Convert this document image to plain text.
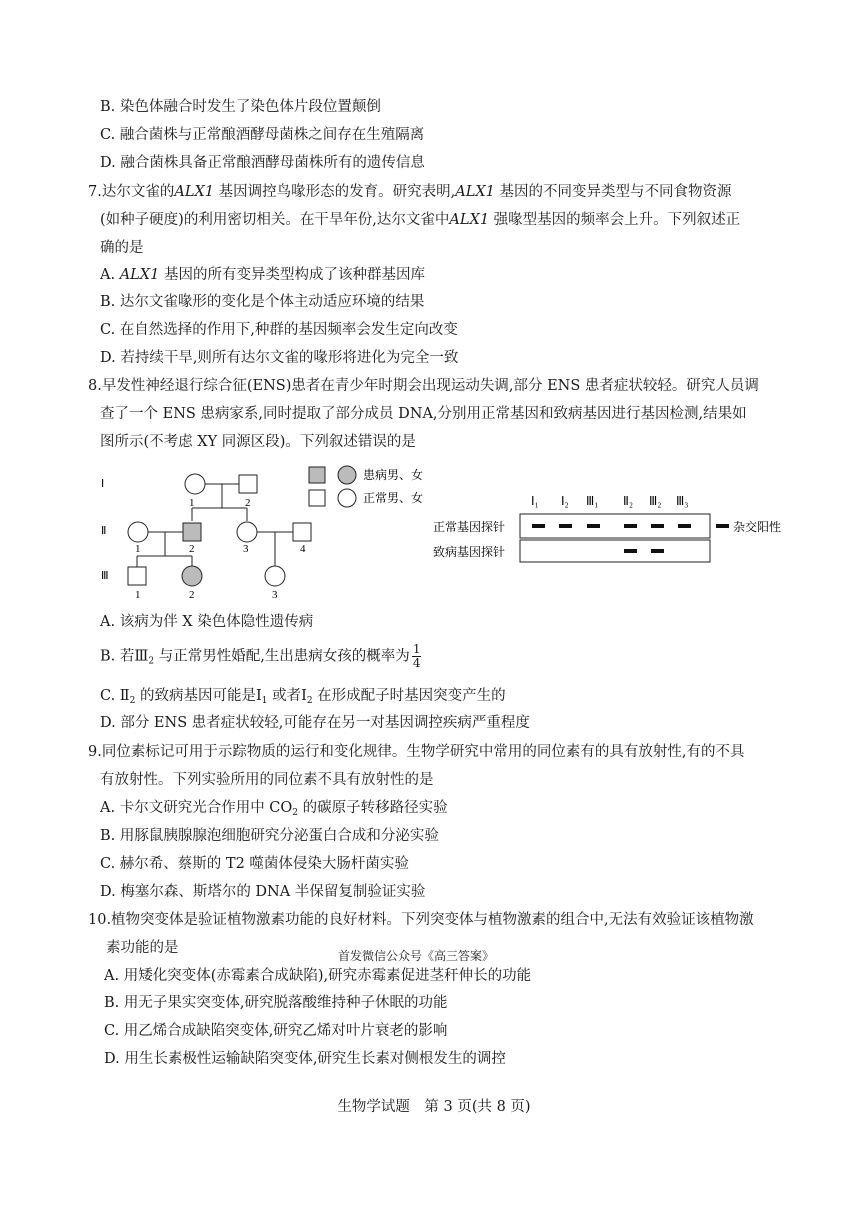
B. 染色体融合时发生了染色体片段位置颠倒
C. 融合菌株与正常酿酒酵母菌株之间存在生殖隔离
D. 融合菌株具备正常酿酒酵母菌株所有的遗传信息
7.达尔文雀的ALX1 基因调控鸟喙形态的发育。研究表明,ALX1 基因的不同变异类型与不同食物资源
(如种子硬度)的利用密切相关。在干旱年份,达尔文雀中ALX1 强喙型基因的频率会上升。下列叙述正
确的是
A. ALX1 基因的所有变异类型构成了该种群基因库
B. 达尔文雀喙形的变化是个体主动适应环境的结果
C. 在自然选择的作用下,种群的基因频率会发生定向改变
D. 若持续干旱,则所有达尔文雀的喙形将进化为完全一致
8.早发性神经退行综合征(ENS)患者在青少年时期会出现运动失调,部分 ENS 患者症状较轻。研究人员调
查了一个 ENS 患病家系,同时提取了部分成员 DNA,分别用正常基因和致病基因进行基因检测,结果如
图所示(不考虑 XY 同源区段)。下列叙述错误的是
Ⅰ
Ⅱ
Ⅲ
1	2
1	2	3	4
1	2	3
患病男、女
正常男、女	Ⅰ₁ Ⅰ₂ Ⅲ₁ Ⅱ₂ Ⅲ₂ Ⅲ₃
正常基因探针
致病基因探针
杂交阳性
A. 该病为伴 X 染色体隐性遗传病
B. 若$Ⅲ_2$ 与正常男性婚配,生出患病女孩的概率为 $\frac{1}{4}$
C. $Ⅱ_2$ 的致病基因可能是$Ⅰ_1$ 或者$Ⅰ_2$ 在形成配子时基因突变产生的
D. 部分 ENS 患者症状较轻,可能存在另一对基因调控疾病严重程度
9.同位素标记可用于示踪物质的运行和变化规律。生物学研究中常用的同位素有的具有放射性,有的不具
有放射性。下列实验所用的同位素不具有放射性的是
A. 卡尔文研究光合作用中 $CO_2$ 的碳原子转移路径实验
B. 用豚鼠胰腺腺泡细胞研究分泌蛋白合成和分泌实验
C. 赫尔希、蔡斯的 T2 噬菌体侵染大肠杆菌实验
D. 梅塞尔森、斯塔尔的 DNA 半保留复制验证实验
10.植物突变体是验证植物激素功能的良好材料。下列突变体与植物激素的组合中,无法有效验证该植物激
素功能的是	首发微信公众号《高三答案》
A. 用矮化突变体(赤霉素合成缺陷),研究赤霉素促进茎秆伸长的功能
B. 用无子果实突变体,研究脱落酸维持种子休眠的功能
C. 用乙烯合成缺陷突变体,研究乙烯对叶片衰老的影响
D. 用生长素极性运输缺陷突变体,研究生长素对侧根发生的调控
生物学试题　第 3 页(共 8 页)
